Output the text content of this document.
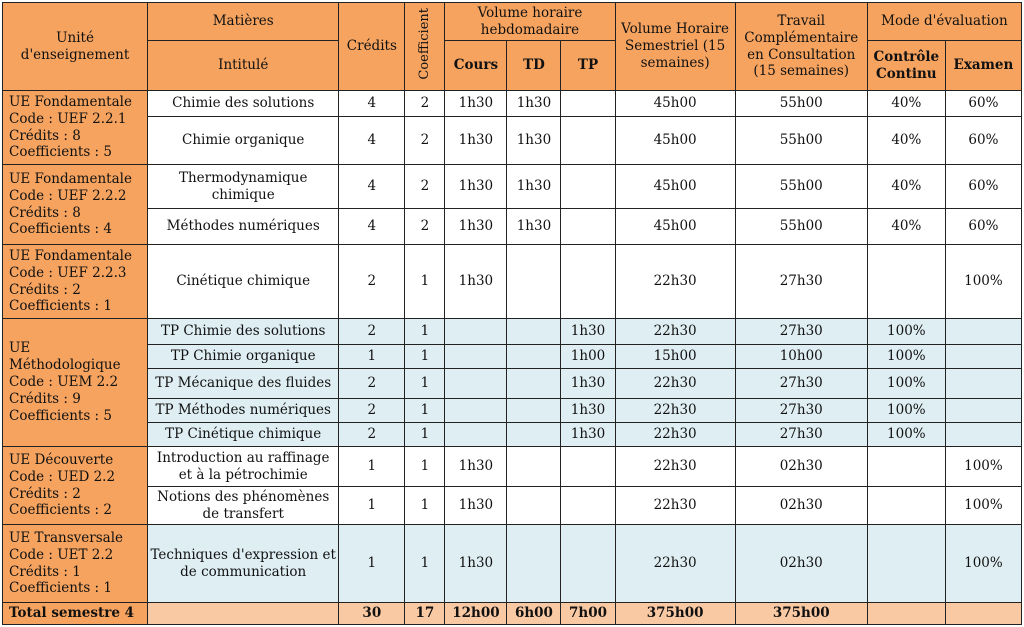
Unité d'enseignement	Matières	Crédits	Coefficient	Volume horaire hebdomadaire			Volume Horaire Semestriel (15 semaines)	Travail Complémentaire en Consultation (15 semaines)	Mode d'évaluation	
	Intitulé			Cours	TD	TP			Contrôle Continu	Examen
UE Fondamentale
Code : UEF 2.2.1
Crédits : 8
Coefficients : 5	Chimie des solutions	4	2	1h30	1h30		45h00	55h00	40%	60%
	Chimie organique	4	2	1h30	1h30		45h00	55h00	40%	60%
UE Fondamentale
Code : UEF 2.2.2
Crédits : 8
Coefficients : 4	Thermodynamique chimique	4	2	1h30	1h30		45h00	55h00	40%	60%
	Méthodes numériques	4	2	1h30	1h30		45h00	55h00	40%	60%
UE Fondamentale
Code : UEF 2.2.3
Crédits : 2
Coefficients : 1	Cinétique chimique	2	1	1h30			22h30	27h30		100%
UE Méthodologique
Code : UEM 2.2
Crédits : 9
Coefficients : 5	TP Chimie des solutions	2	1			1h30	22h30	27h30	100%	
	TP Chimie organique	1	1			1h00	15h00	10h00	100%	
	TP Mécanique des fluides	2	1			1h30	22h30	27h30	100%	
	TP Méthodes numériques	2	1			1h30	22h30	27h30	100%	
	TP Cinétique chimique	2	1			1h30	22h30	27h30	100%	
UE Découverte
Code : UED 2.2
Crédits : 2
Coefficients : 2	Introduction au raffinage et à la pétrochimie	1	1	1h30			22h30	02h30		100%
	Notions des phénomènes de transfert	1	1	1h30			22h30	02h30		100%
UE Transversale
Code : UET 2.2
Crédits : 1
Coefficients : 1	Techniques d'expression et de communication	1	1	1h30			22h30	02h30		100%
Total semestre 4		30	17	12h00	6h00	7h00	375h00	375h00		
